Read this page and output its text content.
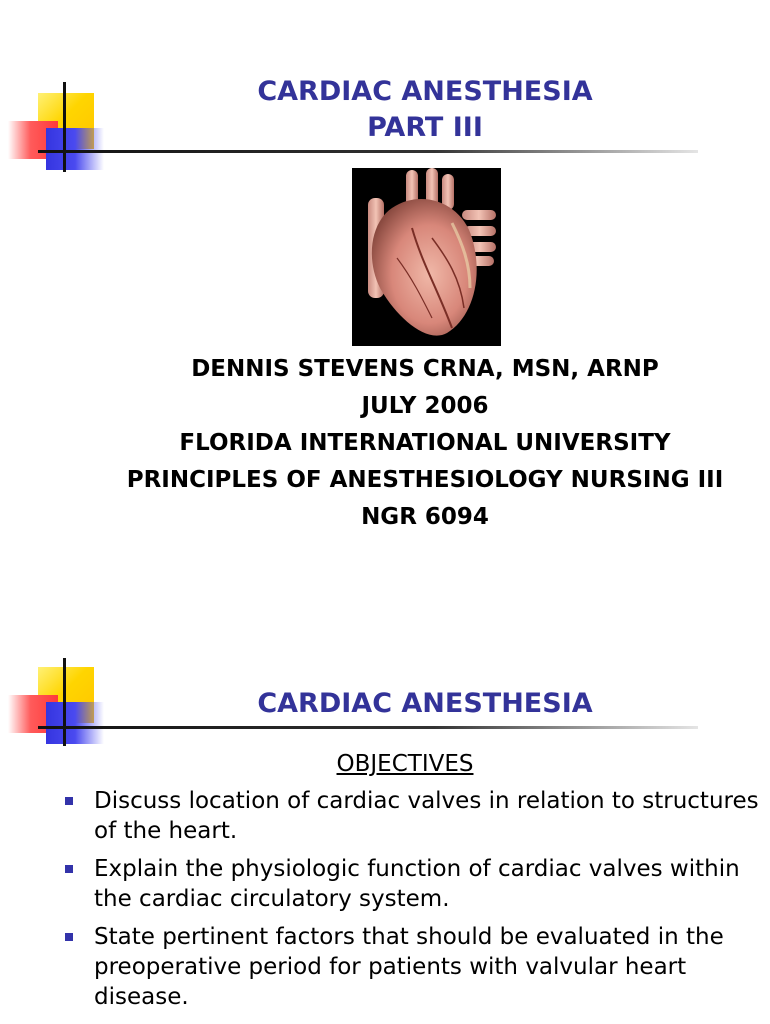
CARDIAC ANESTHESIA
PART III
DENNIS STEVENS CRNA, MSN, ARNP
JULY 2006
FLORIDA INTERNATIONAL UNIVERSITY
PRINCIPLES OF ANESTHESIOLOGY NURSING III
NGR 6094
CARDIAC ANESTHESIA
OBJECTIVES
Discuss location of cardiac valves in relation to structures of the heart.
Explain the physiologic function of cardiac valves within the cardiac circulatory system.
State pertinent factors that should be evaluated in the preoperative period for patients with valvular heart disease.
